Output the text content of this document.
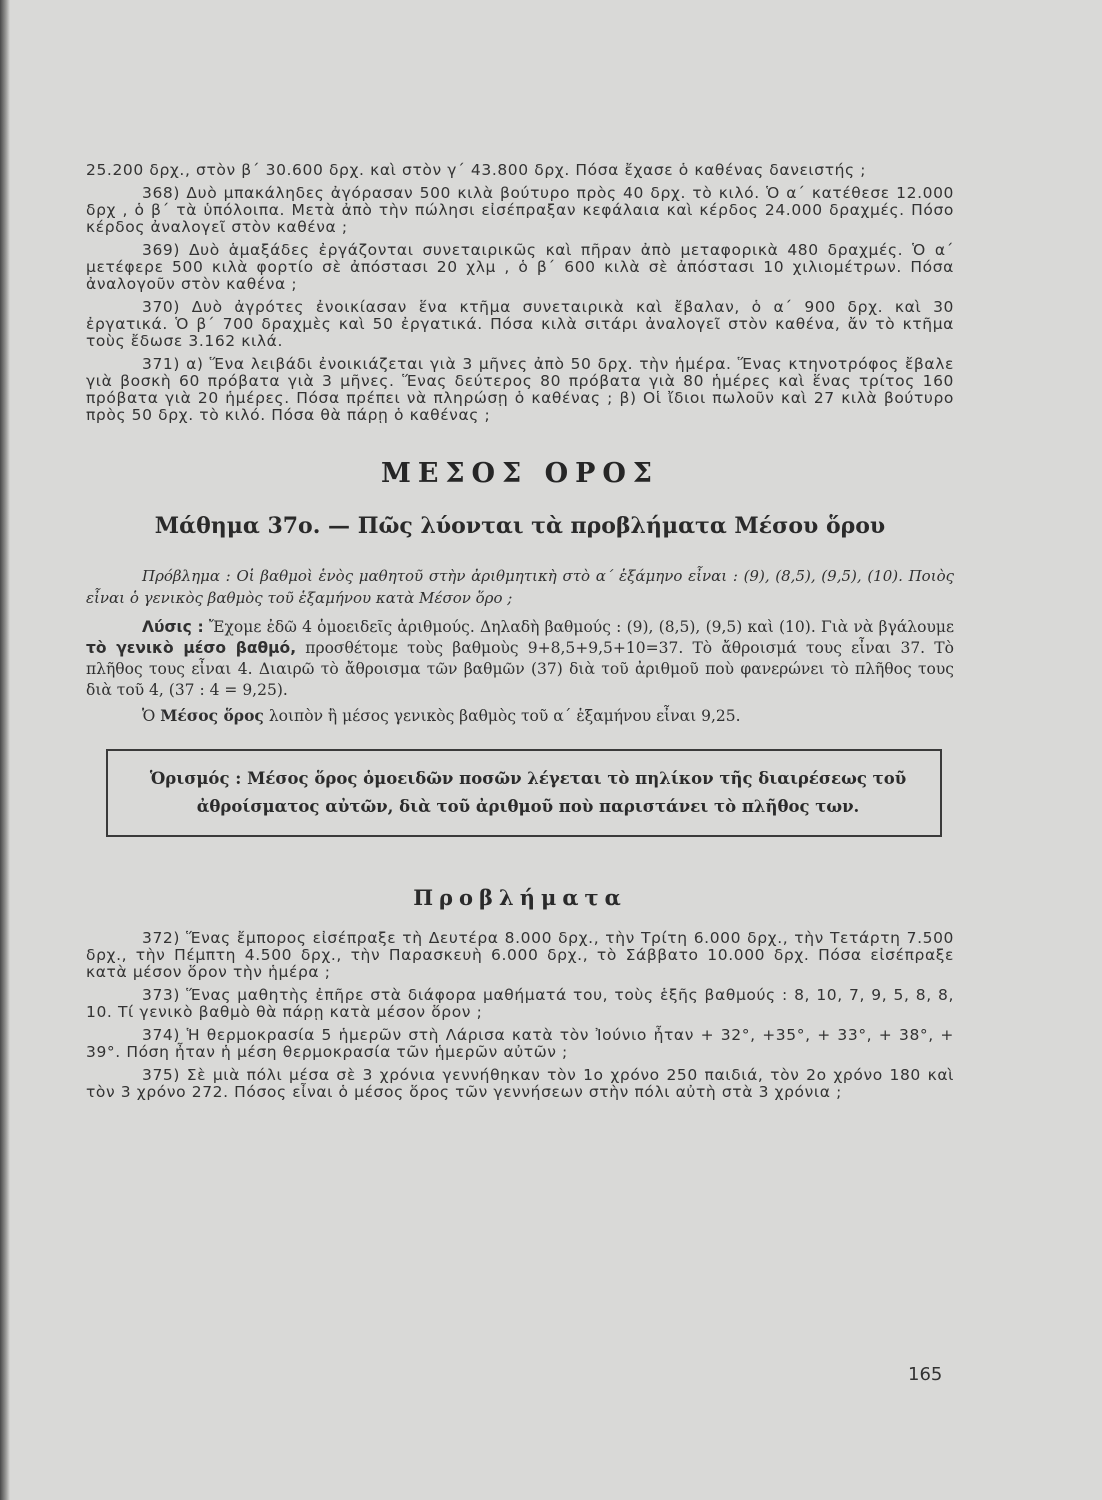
25.200 δρχ., στὸν β΄ 30.600 δρχ. καὶ στὸν γ΄ 43.800 δρχ. Πόσα ἔχασε ὁ καθένας δανειστής ;

368) Δυὸ μπακάληδες ἀγόρασαν 500 κιλὰ βούτυρο πρὸς 40 δρχ. τὸ κιλό. Ὁ α΄ κατέθεσε 12.000 δρχ , ὁ β΄ τὰ ὑπόλοιπα. Μετὰ ἀπὸ τὴν πώλησι εἰσέπραξαν κεφάλαια καὶ κέρδος 24.000 δραχμές. Πόσο κέρδος ἀναλογεῖ στὸν καθένα ;

369) Δυὸ ἁμαξάδες ἐργάζονται συνεταιρικῶς καὶ πῆραν ἀπὸ μεταφορικὰ 480 δραχμές. Ὁ α΄ μετέφερε 500 κιλὰ φορτίο σὲ ἀπόστασι 20 χλμ , ὁ β΄ 600 κιλὰ σὲ ἀπόστασι 10 χιλιομέτρων. Πόσα ἀναλογοῦν στὸν καθένα ;

370) Δυὸ ἀγρότες ἐνοικίασαν ἕνα κτῆμα συνεταιρικὰ καὶ ἔβαλαν, ὁ α΄ 900 δρχ. καὶ 30 ἐργατικά. Ὁ β΄ 700 δραχμὲς καὶ 50 ἐργατικά. Πόσα κιλὰ σιτάρι ἀναλογεῖ στὸν καθένα, ἄν τὸ κτῆμα τοὺς ἔδωσε 3.162 κιλά.

371) α) Ἕνα λειβάδι ἐνοικιάζεται γιὰ 3 μῆνες ἀπὸ 50 δρχ. τὴν ἡμέρα. Ἕνας κτηνοτρόφος ἔβαλε γιὰ βοσκὴ 60 πρόβατα γιὰ 3 μῆνες. Ἕνας δεύτερος 80 πρόβατα γιὰ 80 ἡμέρες καὶ ἕνας τρίτος 160 πρόβατα γιὰ 20 ἡμέρες. Πόσα πρέπει νὰ πληρώσῃ ὁ καθένας ; β) Οἱ ἴδιοι πωλοῦν καὶ 27 κιλὰ βούτυρο πρὸς 50 δρχ. τὸ κιλό. Πόσα θὰ πάρῃ ὁ καθένας ;

ΜΕΣΟΣ ΟΡΟΣ
Μάθημα 37ο. — Πῶς λύονται τὰ προβλήματα Μέσου ὅρου

Πρόβλημα : Οἱ βαθμοὶ ἑνὸς μαθητοῦ στὴν ἀριθμητικὴ στὸ α΄ ἑξάμηνο εἶναι : (9), (8,5), (9,5), (10). Ποιὸς εἶναι ὁ γενικὸς βαθμὸς τοῦ ἑξαμήνου κατὰ Μέσον ὅρο ;

Λύσις : Ἔχομε ἐδῶ 4 ὁμοειδεῖς ἀριθμούς. Δηλαδὴ βαθμούς : (9), (8,5), (9,5) καὶ (10). Γιὰ νὰ βγάλουμε τὸ γενικὸ μέσο βαθμό, προσθέτομε τοὺς βαθμοὺς 9+8,5+9,5+10=37. Τὸ ἄθροισμά τους εἶναι 37. Τὸ πλῆθος τους εἶναι 4. Διαιρῶ τὸ ἄθροισμα τῶν βαθμῶν (37) διὰ τοῦ ἀριθμοῦ ποὺ φανερώνει τὸ πλῆθος τους διὰ τοῦ 4, (37 : 4 = 9,25).

Ὁ Μέσος ὅρος λοιπὸν ἢ μέσος γενικὸς βαθμὸς τοῦ α΄ ἑξαμήνου εἶναι 9,25.

Ὁρισμός : Μέσος ὅρος ὁμοειδῶν ποσῶν λέγεται τὸ πηλίκον τῆς διαιρέσεως τοῦ ἀθροίσματος αὐτῶν, διὰ τοῦ ἀριθμοῦ ποὺ παριστάνει τὸ πλῆθος των.
Προβλήματα

372) Ἕνας ἔμπορος εἰσέπραξε τὴ Δευτέρα 8.000 δρχ., τὴν Τρίτη 6.000 δρχ., τὴν Τετάρτη 7.500 δρχ., τὴν Πέμπτη 4.500 δρχ., τὴν Παρασκευὴ 6.000 δρχ., τὸ Σάββατο 10.000 δρχ. Πόσα εἰσέπραξε κατὰ μέσον ὅρον τὴν ἡμέρα ;

373) Ἕνας μαθητὴς ἐπῆρε στὰ διάφορα μαθήματά του, τοὺς ἑξῆς βαθμούς : 8, 10, 7, 9, 5, 8, 8, 10. Τί γενικὸ βαθμὸ θὰ πάρῃ κατὰ μέσον ὅρον ;

374) Ἡ θερμοκρασία 5 ἡμερῶν στὴ Λάρισα κατὰ τὸν Ἰούνιο ἦταν + 32°, +35°, + 33°, + 38°, + 39°. Πόση ἦταν ἡ μέση θερμοκρασία τῶν ἡμερῶν αὐτῶν ;

375) Σὲ μιὰ πόλι μέσα σὲ 3 χρόνια γεννήθηκαν τὸν 1ο χρόνο 250 παιδιά, τὸν 2ο χρόνο 180 καὶ τὸν 3 χρόνο 272. Πόσος εἶναι ὁ μέσος ὅρος τῶν γεννήσεων στὴν πόλι αὐτὴ στὰ 3 χρόνια ;

165
